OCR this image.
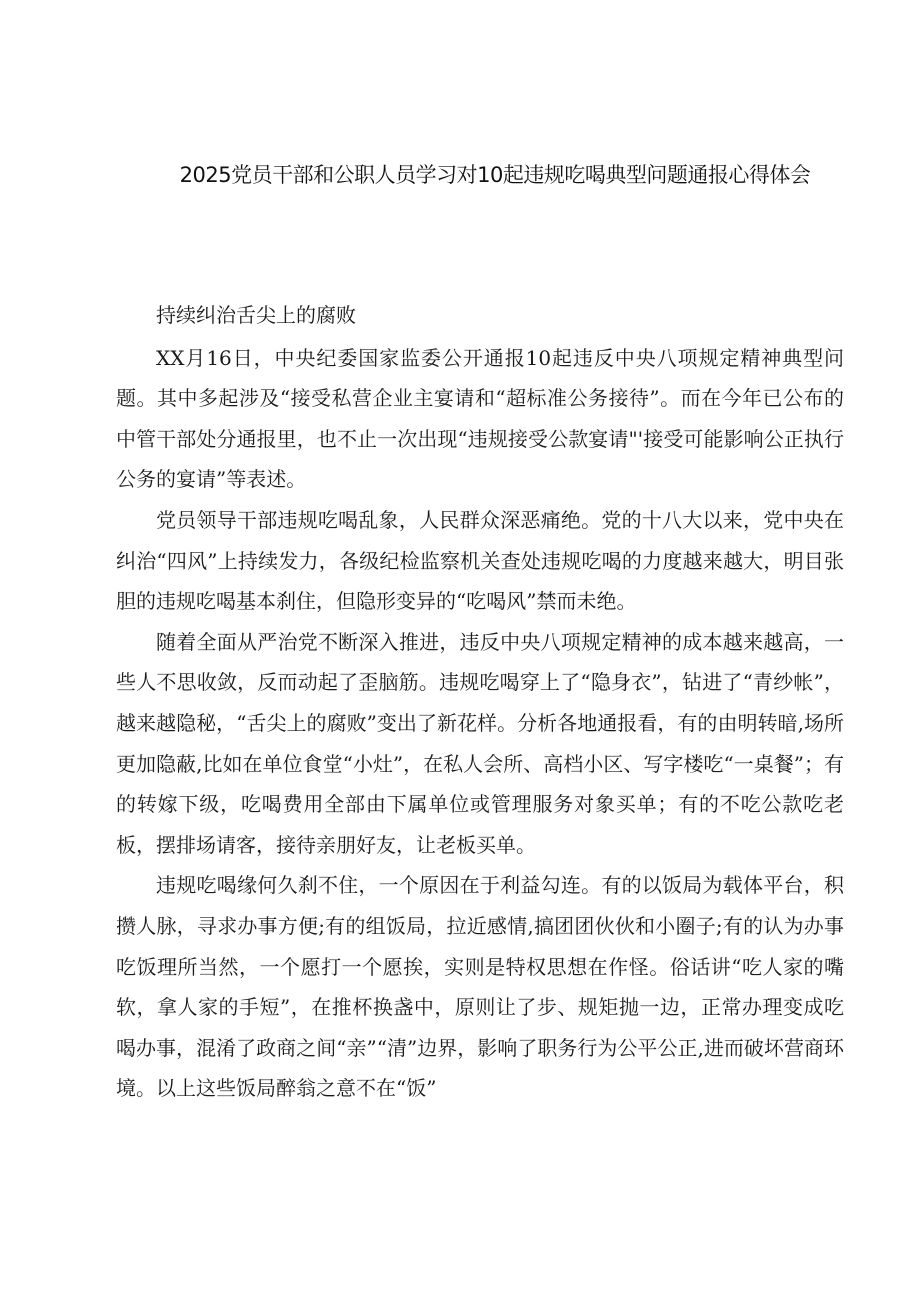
2025党员干部和公职人员学习对10起违规吃喝典型问题通报心得体会

持续纠治舌尖上的腐败

XX月16日，中央纪委国家监委公开通报10起违反中央八项规定精神典型问题。其中多起涉及“接受私营企业主宴请和“超标准公务接待”。而在今年已公布的中管干部处分通报里，也不止一次出现“违规接受公款宴请"'接受可能影响公正执行公务的宴请”等表述。

党员领导干部违规吃喝乱象，人民群众深恶痛绝。党的十八大以来，党中央在纠治“四风”上持续发力，各级纪检监察机关查处违规吃喝的力度越来越大，明目张胆的违规吃喝基本刹住，但隐形变异的“吃喝风”禁而未绝。

随着全面从严治党不断深入推进，违反中央八项规定精神的成本越来越高，一些人不思收敛，反而动起了歪脑筋。违规吃喝穿上了“隐身衣”，钻进了“青纱帐”，越来越隐秘，“舌尖上的腐败”变出了新花样。分析各地通报看，有的由明转暗,场所更加隐蔽,比如在单位食堂“小灶”，在私人会所、高档小区、写字楼吃“一桌餐”；有的转嫁下级，吃喝费用全部由下属单位或管理服务对象买单；有的不吃公款吃老板，摆排场请客，接待亲朋好友，让老板买单。

违规吃喝缘何久刹不住，一个原因在于利益勾连。有的以饭局为载体平台，积攒人脉，寻求办事方便;有的组饭局，拉近感情,搞团团伙伙和小圈子;有的认为办事吃饭理所当然，一个愿打一个愿挨，实则是特权思想在作怪。俗话讲“吃人家的嘴软，拿人家的手短”，在推杯换盏中，原则让了步、规矩抛一边，正常办理变成吃喝办事，混淆了政商之间“亲”“清”边界，影响了职务行为公平公正,进而破坏营商环境。以上这些饭局醉翁之意不在“饭”
